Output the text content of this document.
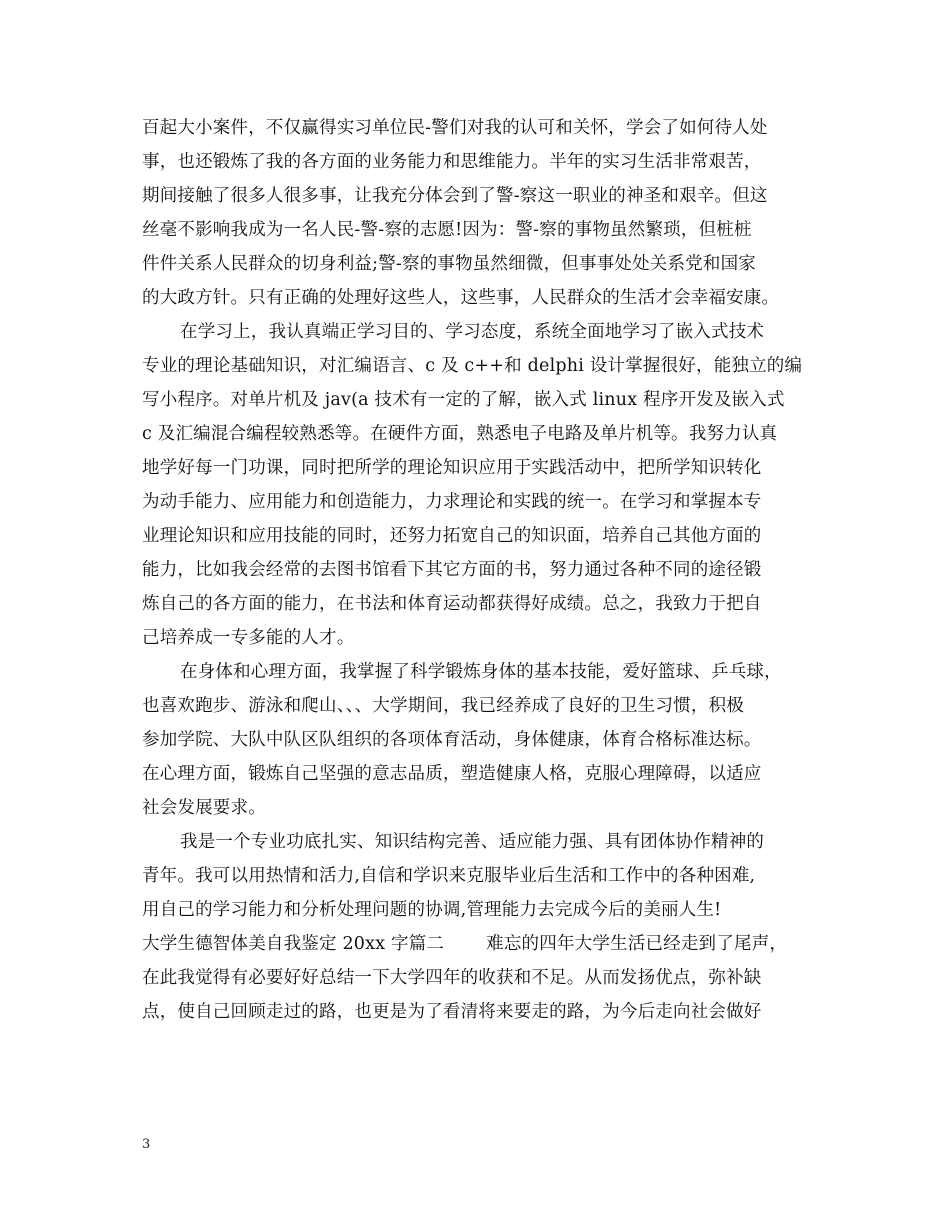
百起大小案件，不仅赢得实习单位民-警们对我的认可和关怀，学会了如何待人处
事，也还锻炼了我的各方面的业务能力和思维能力。半年的实习生活非常艰苦，
期间接触了很多人很多事，让我充分体会到了警-察这一职业的神圣和艰辛。但这
丝毫不影响我成为一名人民-警-察的志愿!因为：警-察的事物虽然繁琐，但桩桩
件件关系人民群众的切身利益;警-察的事物虽然细微，但事事处处关系党和国家
的大政方针。只有正确的处理好这些人，这些事，人民群众的生活才会幸福安康。
在学习上，我认真端正学习目的、学习态度，系统全面地学习了嵌入式技术
专业的理论基础知识，对汇编语言、c 及 c++和 delphi 设计掌握很好，能独立的编
写小程序。对单片机及 jav(a 技术有一定的了解，嵌入式 linux 程序开发及嵌入式
c 及汇编混合编程较熟悉等。在硬件方面，熟悉电子电路及单片机等。我努力认真
地学好每一门功课，同时把所学的理论知识应用于实践活动中，把所学知识转化
为动手能力、应用能力和创造能力，力求理论和实践的统一。在学习和掌握本专
业理论知识和应用技能的同时，还努力拓宽自己的知识面，培养自己其他方面的
能力，比如我会经常的去图书馆看下其它方面的书，努力通过各种不同的途径锻
炼自己的各方面的能力，在书法和体育运动都获得好成绩。总之，我致力于把自
己培养成一专多能的人才。
在身体和心理方面，我掌握了科学锻炼身体的基本技能，爱好篮球、乒乓球，
也喜欢跑步、游泳和爬山、、、大学期间，我已经养成了良好的卫生习惯，积极
参加学院、大队中队区队组织的各项体育活动，身体健康，体育合格标准达标。
在心理方面，锻炼自己坚强的意志品质，塑造健康人格，克服心理障碍，以适应
社会发展要求。
我是一个专业功底扎实、知识结构完善、适应能力强、具有团体协作精神的
青年。我可以用热情和活力,自信和学识来克服毕业后生活和工作中的各种困难,
用自己的学习能力和分析处理问题的协调,管理能力去完成今后的美丽人生!
大学生德智体美自我鉴定 20xx 字篇二 难忘的四年大学生活已经走到了尾声，
在此我觉得有必要好好总结一下大学四年的收获和不足。从而发扬优点，弥补缺
点，使自己回顾走过的路，也更是为了看清将来要走的路，为今后走向社会做好
3
